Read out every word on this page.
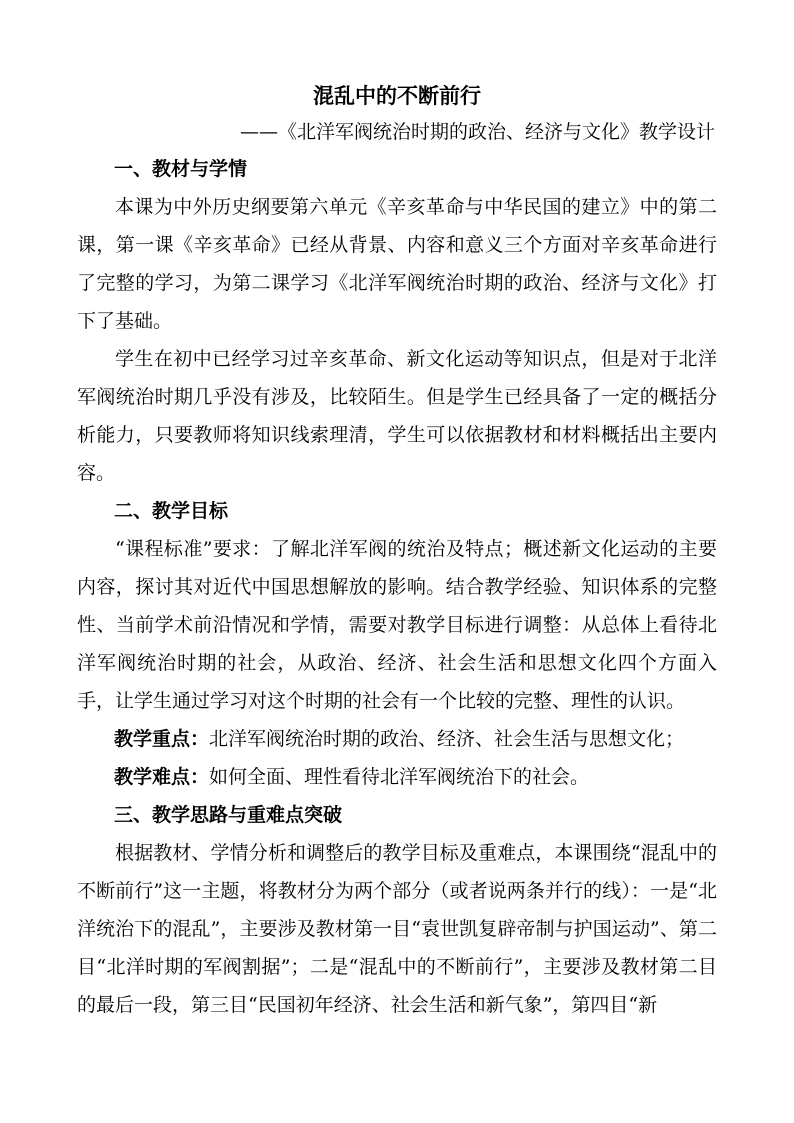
混乱中的不断前行
——《北洋军阀统治时期的政治、经济与文化》教学设计
一、教材与学情

本课为中外历史纲要第六单元《辛亥革命与中华民国的建立》中的第二课，第一课《辛亥革命》已经从背景、内容和意义三个方面对辛亥革命进行了完整的学习，为第二课学习《北洋军阀统治时期的政治、经济与文化》打下了基础。

学生在初中已经学习过辛亥革命、新文化运动等知识点，但是对于北洋军阀统治时期几乎没有涉及，比较陌生。但是学生已经具备了一定的概括分析能力，只要教师将知识线索理清，学生可以依据教材和材料概括出主要内容。

二、教学目标

“课程标准”要求：了解北洋军阀的统治及特点；概述新文化运动的主要内容，探讨其对近代中国思想解放的影响。结合教学经验、知识体系的完整性、当前学术前沿情况和学情，需要对教学目标进行调整：从总体上看待北洋军阀统治时期的社会，从政治、经济、社会生活和思想文化四个方面入手，让学生通过学习对这个时期的社会有一个比较的完整、理性的认识。

教学重点：北洋军阀统治时期的政治、经济、社会生活与思想文化；

教学难点：如何全面、理性看待北洋军阀统治下的社会。

三、教学思路与重难点突破

根据教材、学情分析和调整后的教学目标及重难点，本课围绕“混乱中的不断前行”这一主题，将教材分为两个部分（或者说两条并行的线）：一是“北洋统治下的混乱”，主要涉及教材第一目“袁世凯复辟帝制与护国运动”、第二目“北洋时期的军阀割据”；二是“混乱中的不断前行”，主要涉及教材第二目的最后一段，第三目“民国初年经济、社会生活和新气象”，第四目“新
